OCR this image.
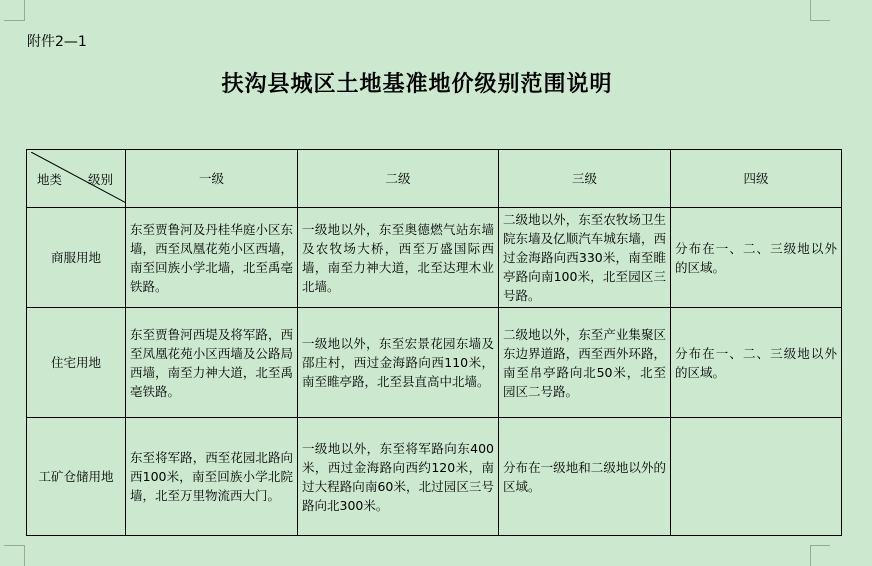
附件2—1
扶沟县城区土地基准地价级别范围说明
地类 级别	一级	二级	三级	四级
商服用地	东至贾鲁河及丹桂华庭小区东墙，西至凤凰花苑小区西墙，南至回族小学北墙，北至禹亳铁路。	一级地以外，东至奥德燃气站东墙及农牧场大桥，西至万盛国际西墙，南至力神大道，北至达理木业北墙。	二级地以外，东至农牧场卫生院东墙及亿顺汽车城东墙，西过金海路向西330米，南至睢亭路向南100米，北至园区三号路。	分布在一、二、三级地以外的区域。
住宅用地	东至贾鲁河西堤及将军路，西至凤凰花苑小区西墙及公路局西墙，南至力神大道，北至禹亳铁路。	一级地以外，东至宏景花园东墙及邵庄村，西过金海路向西110米，南至睢亭路，北至县直高中北墙。	二级地以外，东至产业集聚区东边界道路，西至西外环路，南至帛亭路向北50米，北至园区二号路。	分布在一、二、三级地以外的区域。
工矿仓储用地	东至将军路，西至花园北路向西100米，南至回族小学北院墙，北至万里物流西大门。	一级地以外，东至将军路向东400米，西过金海路向西约120米，南过大程路向南60米，北过园区三号路向北300米。	分布在一级地和二级地以外的区域。	
